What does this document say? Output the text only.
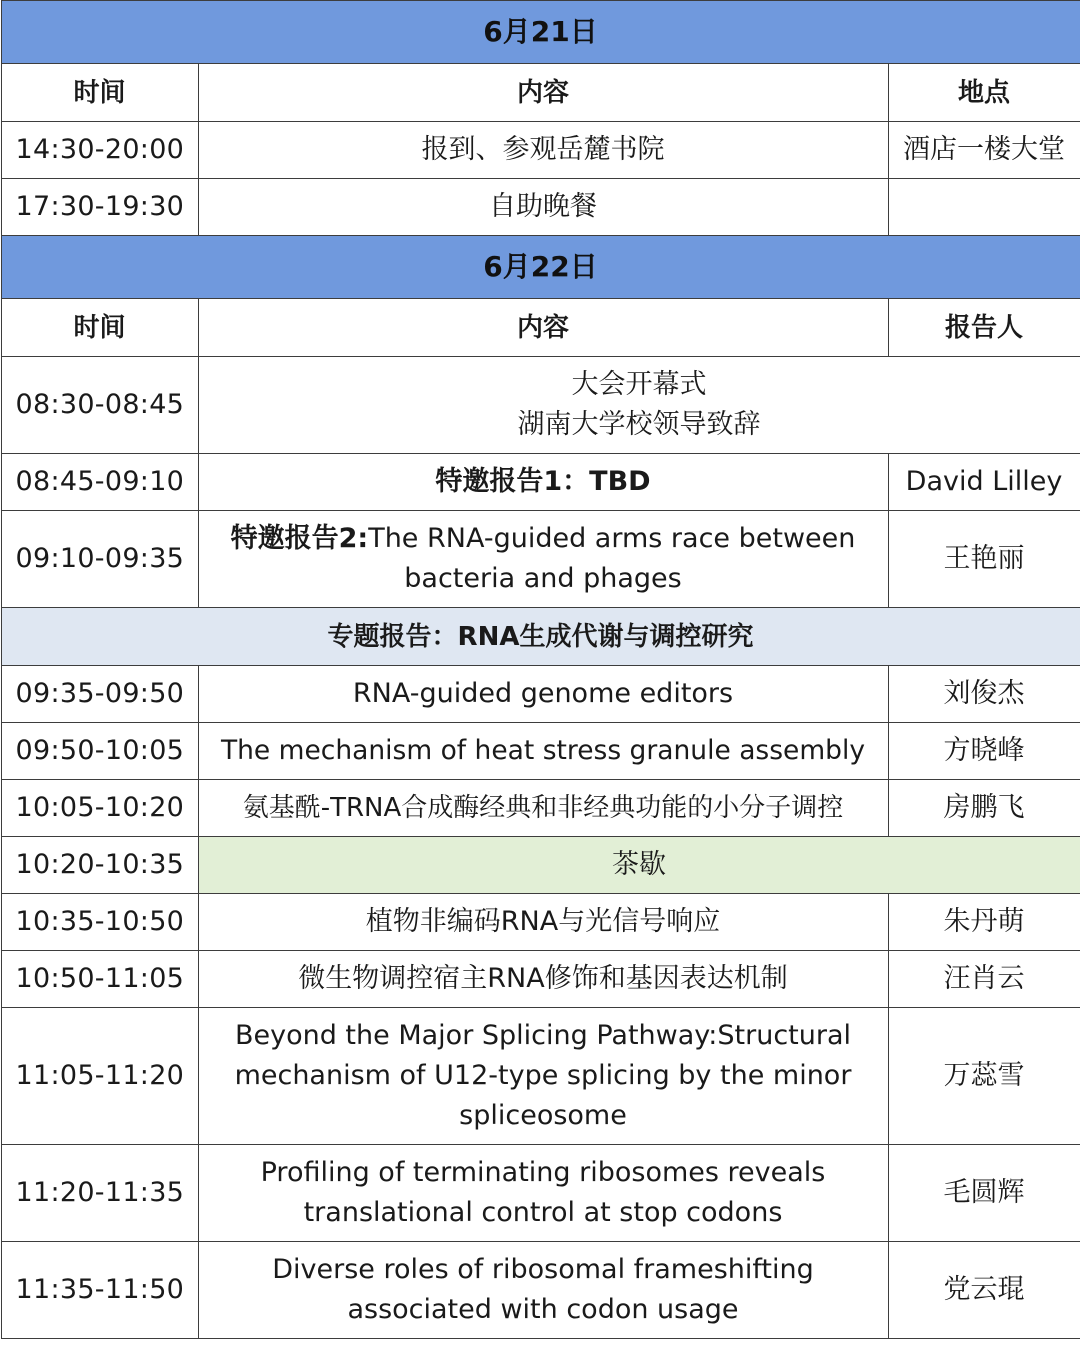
6月21日		
时间	内容	地点
14:30-20:00	报到、参观岳麓书院	酒店一楼大堂
17:30-19:30	自助晚餐	
6月22日		
时间	内容	报告人
08:30-08:45	大会开幕式
湖南大学校领导致辞	

08:45-09:10	特邀报告1：TBD	David Lilley
09:10-09:35	特邀报告2:The RNA-guided arms race between
bacteria and phages	王艳丽
专题报告：RNA生成代谢与调控研究		
09:35-09:50	RNA-guided genome editors	刘俊杰
09:50-10:05	The mechanism of heat stress granule assembly	方晓峰
10:05-10:20	氨基酰-TRNA合成酶经典和非经典功能的小分子调控	房鹏飞
10:20-10:35	茶歇	
10:35-10:50	植物非编码RNA与光信号响应	朱丹萌
10:50-11:05	微生物调控宿主RNA修饰和基因表达机制	汪肖云
11:05-11:20	Beyond the Major Splicing Pathway:Structural
mechanism of U12-type splicing by the minor
spliceosome	万蕊雪
11:20-11:35	Profiling of terminating ribosomes reveals
translational control at stop codons	毛圆辉
11:35-11:50	Diverse roles of ribosomal frameshifting
associated with codon usage	党云琨
